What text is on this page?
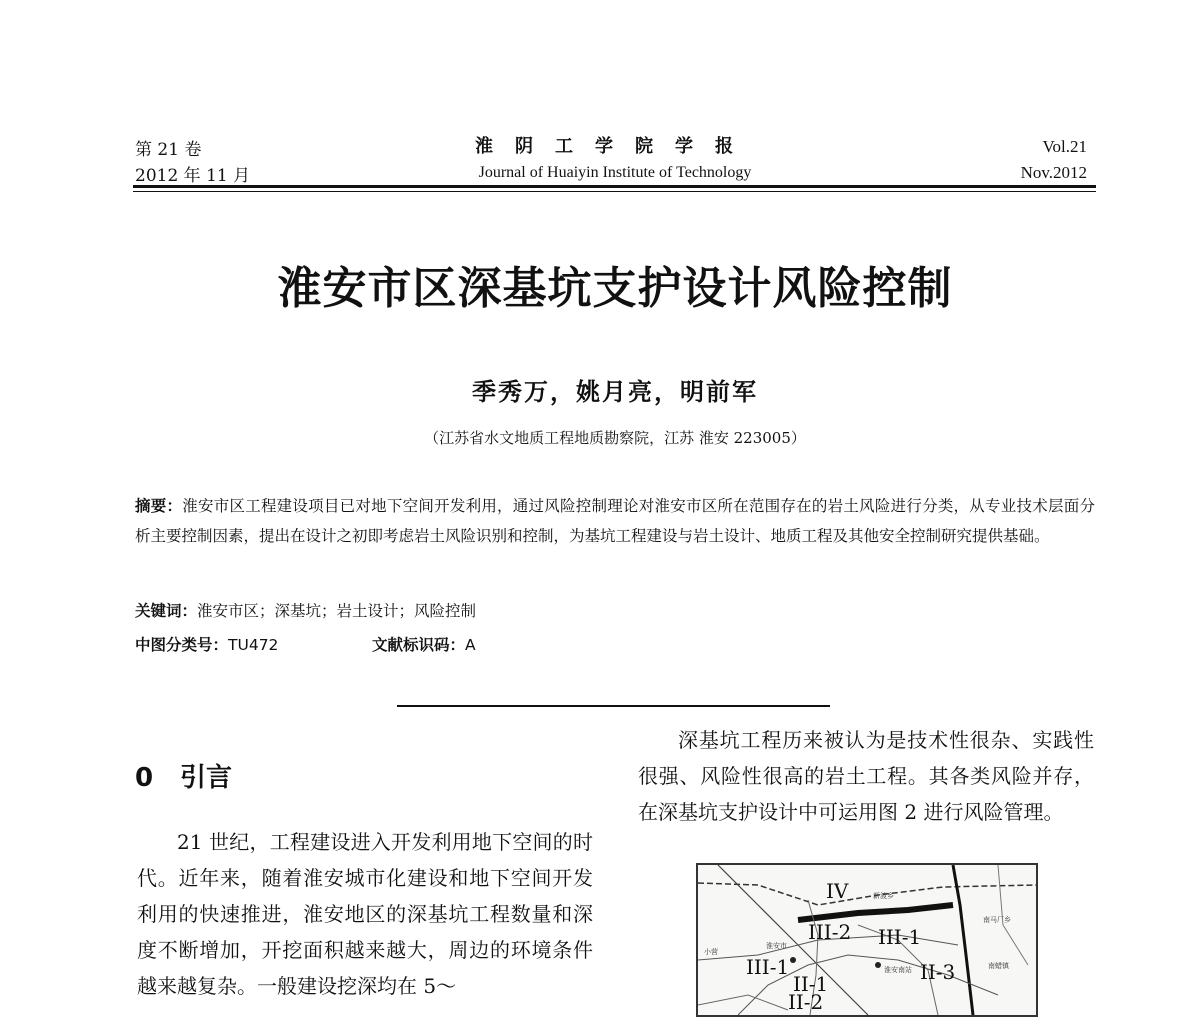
第 21 卷
2012 年 11 月
淮阴工学院学报
Journal of Huaiyin Institute of Technology
Vol.21
Nov.2012
淮安市区深基坑支护设计风险控制
季秀万，姚月亮，明前军
（江苏省水文地质工程地质勘察院，江苏 淮安 223005）
摘要：淮安市区工程建设项目已对地下空间开发利用，通过风险控制理论对淮安市区所在范围存在的岩土风险进行分类，从专业技术层面分析主要控制因素，提出在设计之初即考虑岩土风险识别和控制，为基坑工程建设与岩土设计、地质工程及其他安全控制研究提供基础。
关键词：淮安市区；深基坑；岩土设计；风险控制
中图分类号：TU472	文献标识码：A
0 引言

21 世纪，工程建设进入开发利用地下空间的时代。近年来，随着淮安城市化建设和地下空间开发利用的快速推进，淮安地区的深基坑工程数量和深度不断增加，开挖面积越来越大，周边的环境条件越来越复杂。一般建设挖深均在 5～

深基坑工程历来被认为是技术性很杂、实践性很强、风险性很高的岩土工程。其各类风险并存，在深基坑支护设计中可运用图 2 进行风险管理。

IV
III-2 III-1
III-1	II-3
II-1
II-2
新渡乡
南马厂乡
淮安市
小营
淮安南站	南蜡镇
